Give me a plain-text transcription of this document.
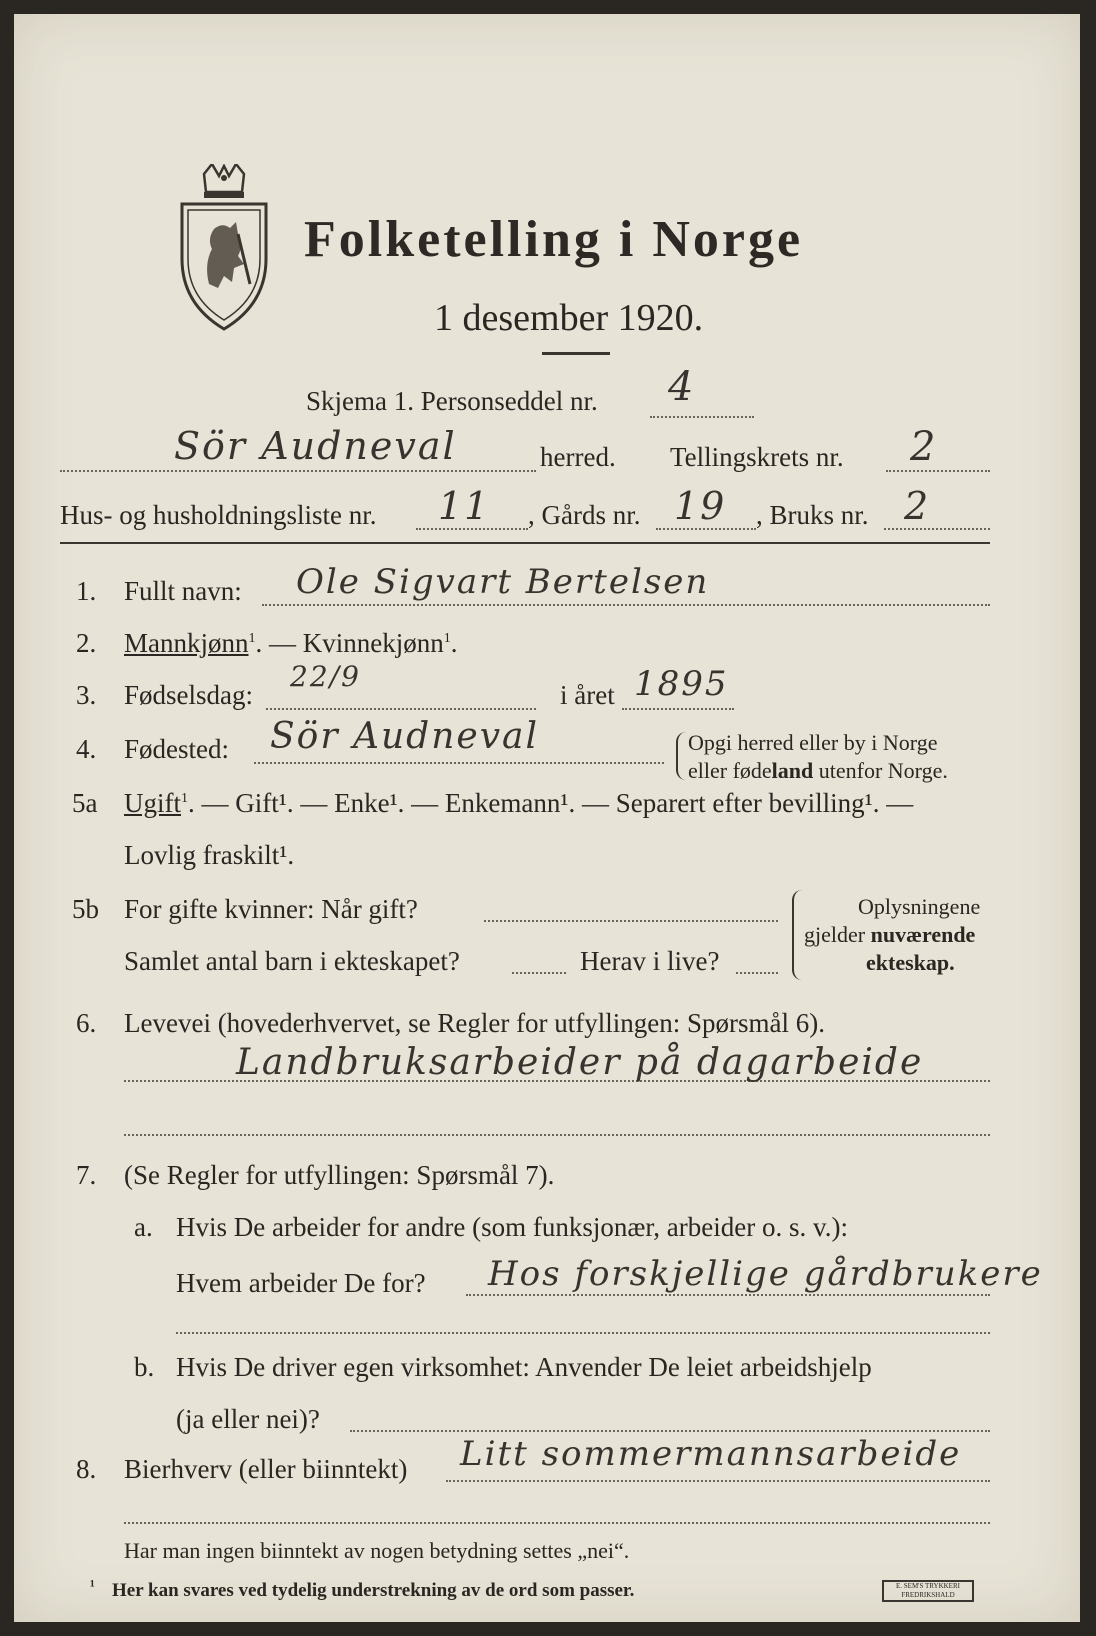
Folketelling i Norge
1 desember 1920.
Skjema 1. Personseddel nr. 4
Sör Audneval	herred. Tellingskrets nr. 2
Hus- og husholdningsliste nr. 11 , Gårds nr. 19 , Bruks nr. 2
1. Fullt navn: Ole Sigvart Bertelsen
2. Mannkjønn$^1$. — Kvinnekjønn$^1$.
3. Fødselsdag:
22/9
i året 1895
4. Fødested: Sör Audneval	Opgi herred eller by i Norge
eller fødeland utenfor Norge.
5a Ugift$^1$. — Gift¹. — Enke¹. — Enkemann¹. — Separert efter bevilling¹. —
Lovlig fraskilt¹.
5b For gifte kvinner: Når gift?
Samlet antal barn i ekteskapet?	Herav i live?
Oplysningene
gjelder nuværende
ekteskap.
6. Levevei (hovederhvervet, se Regler for utfyllingen: Spørsmål 6).
Landbruksarbeider på dagarbeide
7. (Se Regler for utfyllingen: Spørsmål 7).
a. Hvis De arbeider for andre (som funksjonær, arbeider o. s. v.):
Hvem arbeider De for? Hos forskjellige gårdbrukere
b. Hvis De driver egen virksomhet: Anvender De leiet arbeidshjelp
(ja eller nei)?
8. Bierhverv (eller biinntekt) Litt sommermannsarbeide
Har man ingen biinntekt av nogen betydning settes „nei“.
¹ Her kan svares ved tydelig understrekning av de ord som passer.	E. SEM'S TRYKKERI FREDRIKSHALD
